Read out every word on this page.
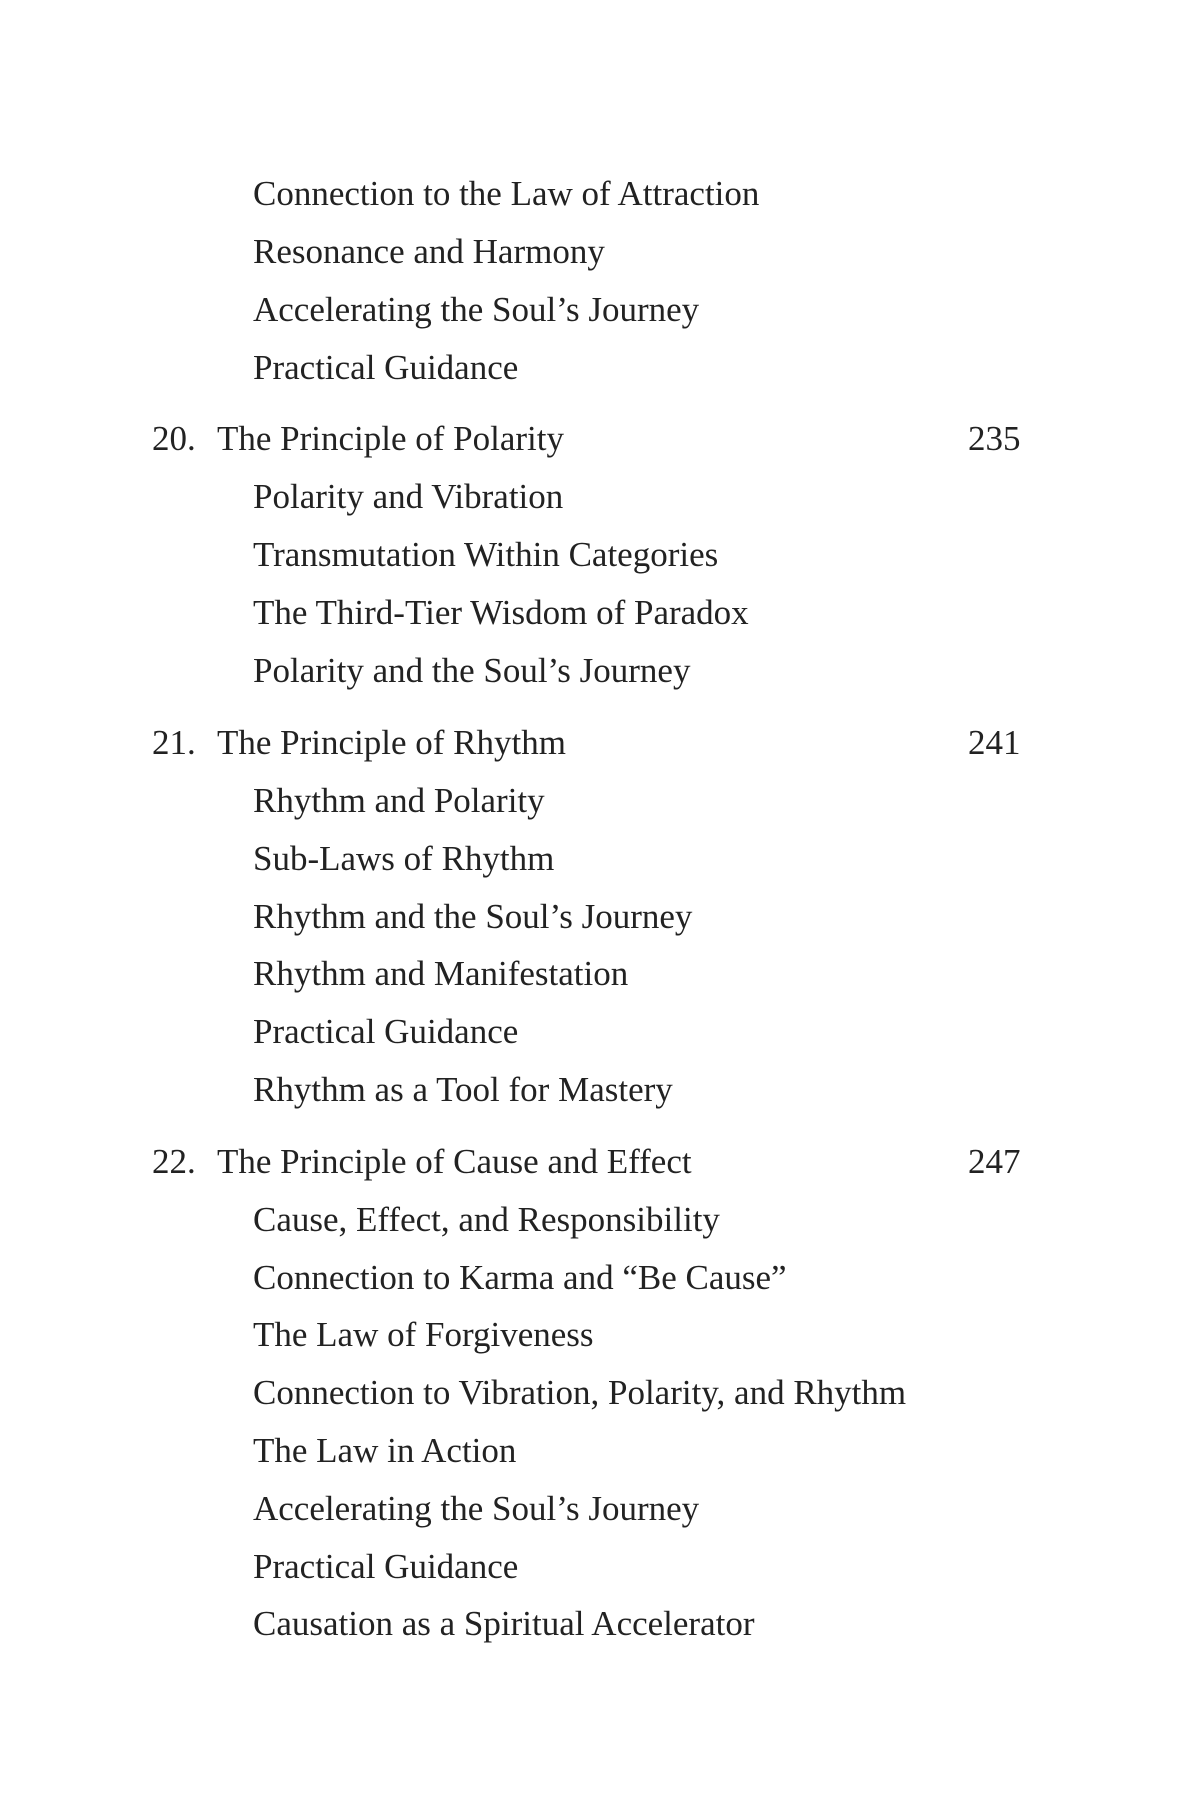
Connection to the Law of Attraction
Resonance and Harmony
Accelerating the Soul’s Journey
Practical Guidance
20. The Principle of Polarity	235
Polarity and Vibration
Transmutation Within Categories
The Third-Tier Wisdom of Paradox
Polarity and the Soul’s Journey
21. The Principle of Rhythm	241
Rhythm and Polarity
Sub-Laws of Rhythm
Rhythm and the Soul’s Journey
Rhythm and Manifestation
Practical Guidance
Rhythm as a Tool for Mastery
22. The Principle of Cause and Effect	247
Cause, Effect, and Responsibility
Connection to Karma and “Be Cause”
The Law of Forgiveness
Connection to Vibration, Polarity, and Rhythm
The Law in Action
Accelerating the Soul’s Journey
Practical Guidance
Causation as a Spiritual Accelerator
